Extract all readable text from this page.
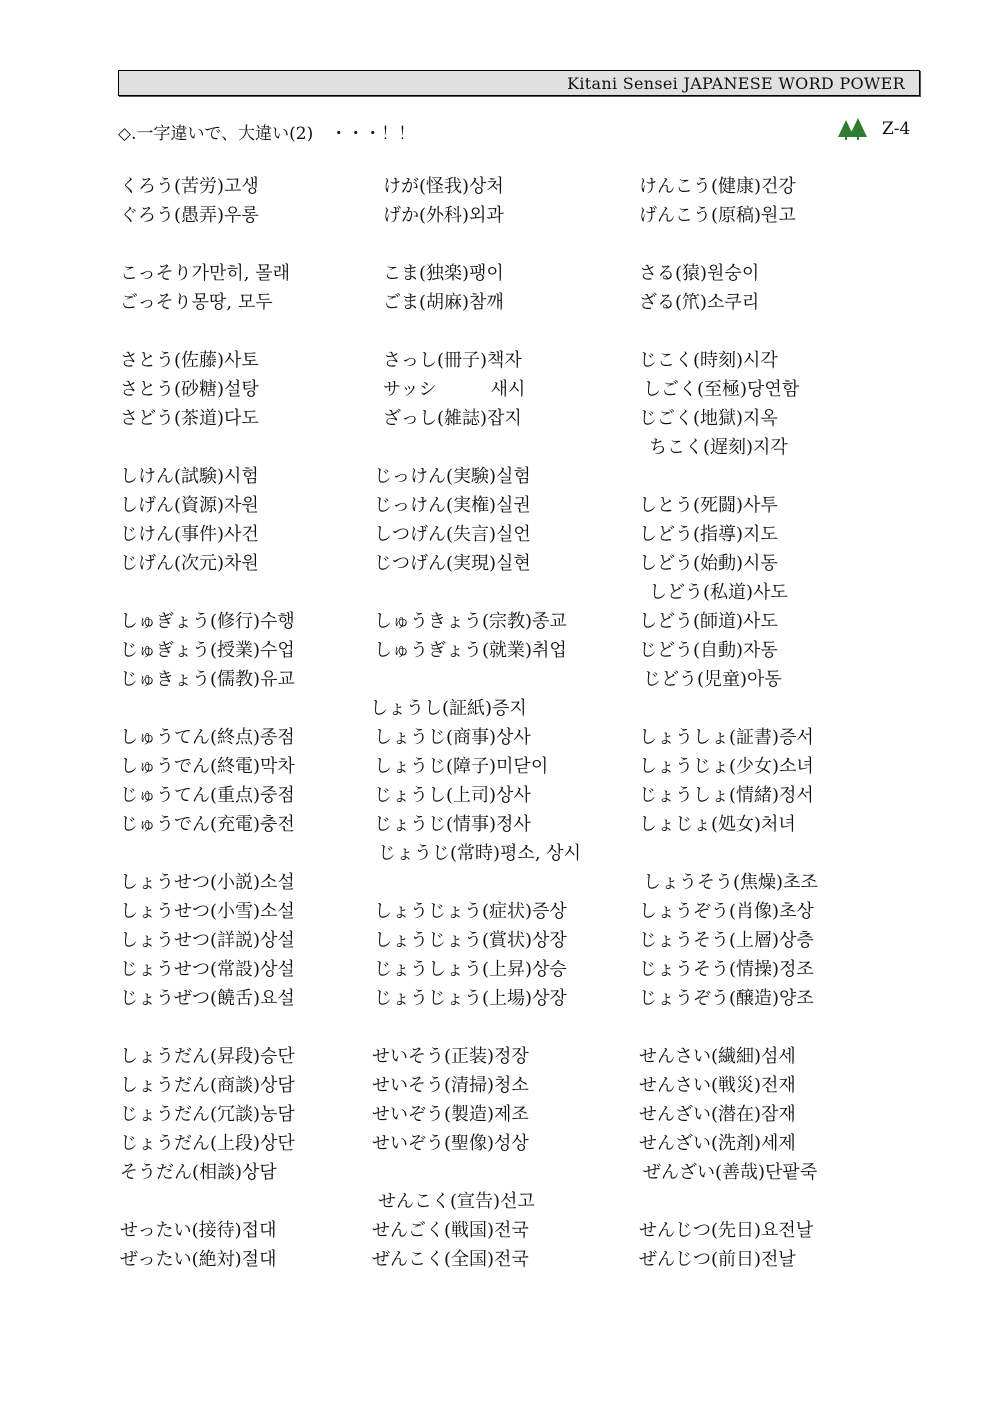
Kitani Sensei JAPANESE WORD POWER
◇.一字違いで、大違い(2)　・・・！！	Z-4
くろう(苦労)고생
ぐろう(愚弄)우롱
けが(怪我)상처
げか(外科)외과
けんこう(健康)건강
げんこう(原稿)원고
こっそり가만히, 몰래
ごっそり몽땅, 모두
こま(独楽)팽이
ごま(胡麻)참깨
さる(猿)원숭이
ざる(笊)소쿠리
さとう(佐藤)사토
さとう(砂糖)설탕
さどう(茶道)다도
さっし(冊子)책자
サッシ　　　새시
ざっし(雑誌)잡지
じこく(時刻)시각
しごく(至極)당연함
じごく(地獄)지옥
ちこく(遅刻)지각
しけん(試験)시험
しげん(資源)자원
じけん(事件)사건
じげん(次元)차원
じっけん(実験)실험
じっけん(実権)실권
しつげん(失言)실언
じつげん(実現)실현
しとう(死闘)사투
しどう(指導)지도
しどう(始動)시동
しどう(私道)사도
しゅぎょう(修行)수행
じゅぎょう(授業)수업
じゅきょう(儒教)유교
しゅうきょう(宗教)종교
しゅうぎょう(就業)취업
しどう(師道)사도
じどう(自動)자동
じどう(児童)아동
しょうし(証紙)증지
しゅうてん(終点)종점
しゅうでん(終電)막차
じゅうてん(重点)중점
じゅうでん(充電)충전
しょうじ(商事)상사
しょうじ(障子)미닫이
じょうし(上司)상사
じょうじ(情事)정사
しょうしょ(証書)증서
しょうじょ(少女)소녀
じょうしょ(情緒)정서
しょじょ(処女)처녀
じょうじ(常時)평소, 상시
しょうせつ(小説)소설
しょうせつ(小雪)소설
しょうせつ(詳説)상설
じょうせつ(常設)상설
じょうぜつ(饒舌)요설
しょうじょう(症状)증상
しょうじょう(賞状)상장
じょうしょう(上昇)상승
じょうじょう(上場)상장
しょうそう(焦燥)초조
しょうぞう(肖像)초상
じょうそう(上層)상층
じょうそう(情操)정조
じょうぞう(醸造)양조
しょうだん(昇段)승단
しょうだん(商談)상담
じょうだん(冗談)농담
じょうだん(上段)상단
そうだん(相談)상담
せいそう(正装)정장
せいそう(清掃)청소
せいぞう(製造)제조
せいぞう(聖像)성상
せんさい(繊細)섬세
せんさい(戦災)전재
せんざい(潜在)잠재
せんざい(洗剤)세제
ぜんざい(善哉)단팥죽
せんこく(宣告)선고
せったい(接待)접대
ぜったい(絶対)절대
せんごく(戦国)전국
ぜんこく(全国)전국
せんじつ(先日)요전날
ぜんじつ(前日)전날
